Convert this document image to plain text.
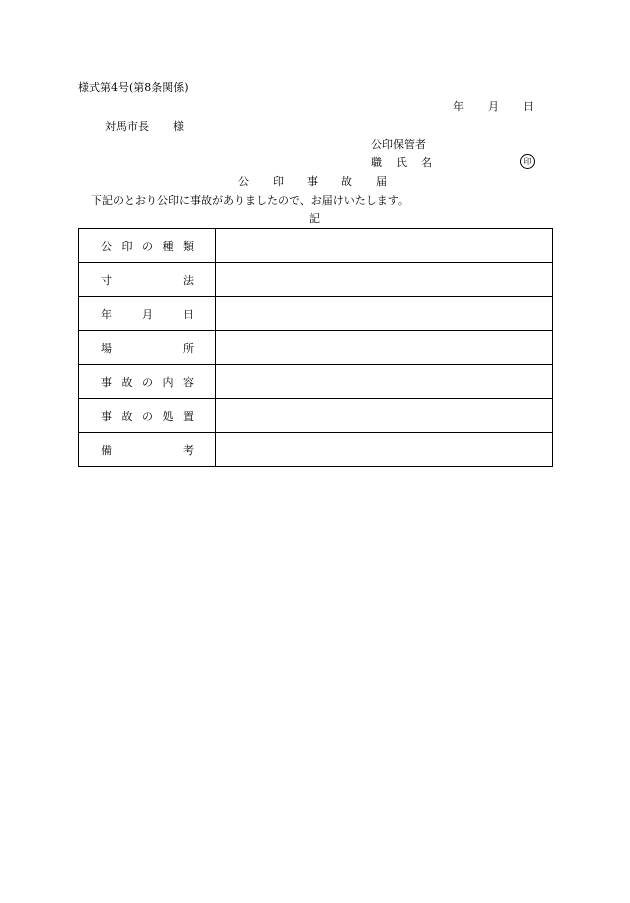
様式第4号(第8条関係)
年 月 日
対馬市長 様
公印保管者
職 氏 名	印
公 印 事 故 届
下記のとおり公印に事故がありましたので、お届けいたします。
記
公 印 の 種 類	

寸 法	

年 月 日	

場 所	

事 故 の 内 容	

事 故 の 処 置	

備 考	
